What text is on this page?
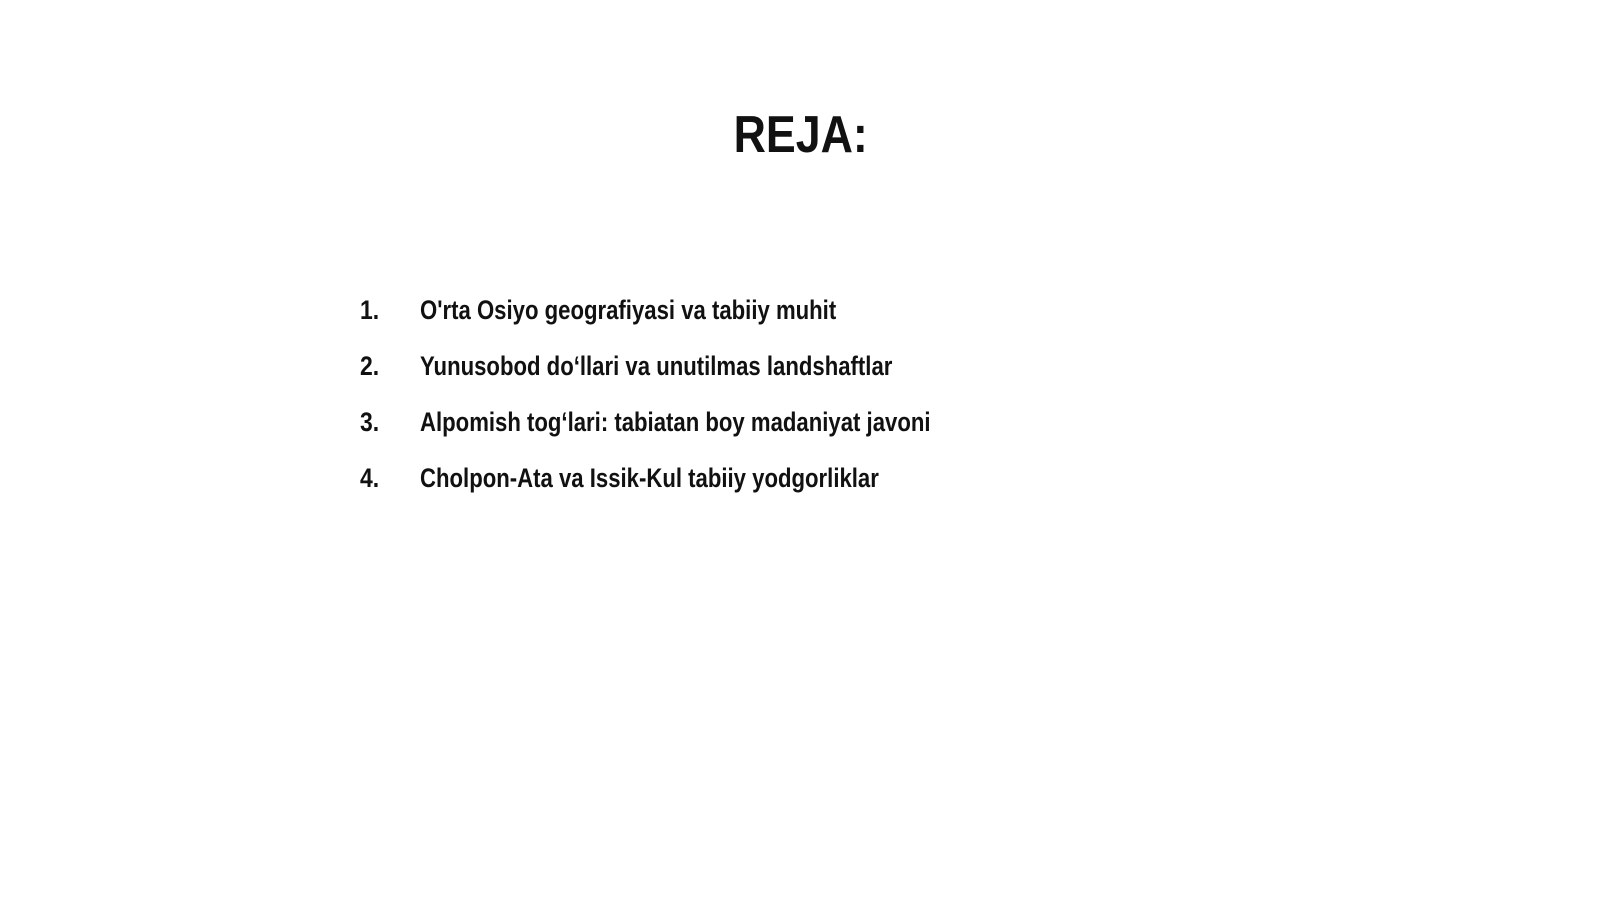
REJA:
1.	O'rta Osiyo geografiyasi va tabiiy muhit
2.	Yunusobod do‘llari va unutilmas landshaftlar
3.	Alpomish tog‘lari: tabiatan boy madaniyat javoni
4.	Cholpon-Ata va Issik-Kul tabiiy yodgorliklar
